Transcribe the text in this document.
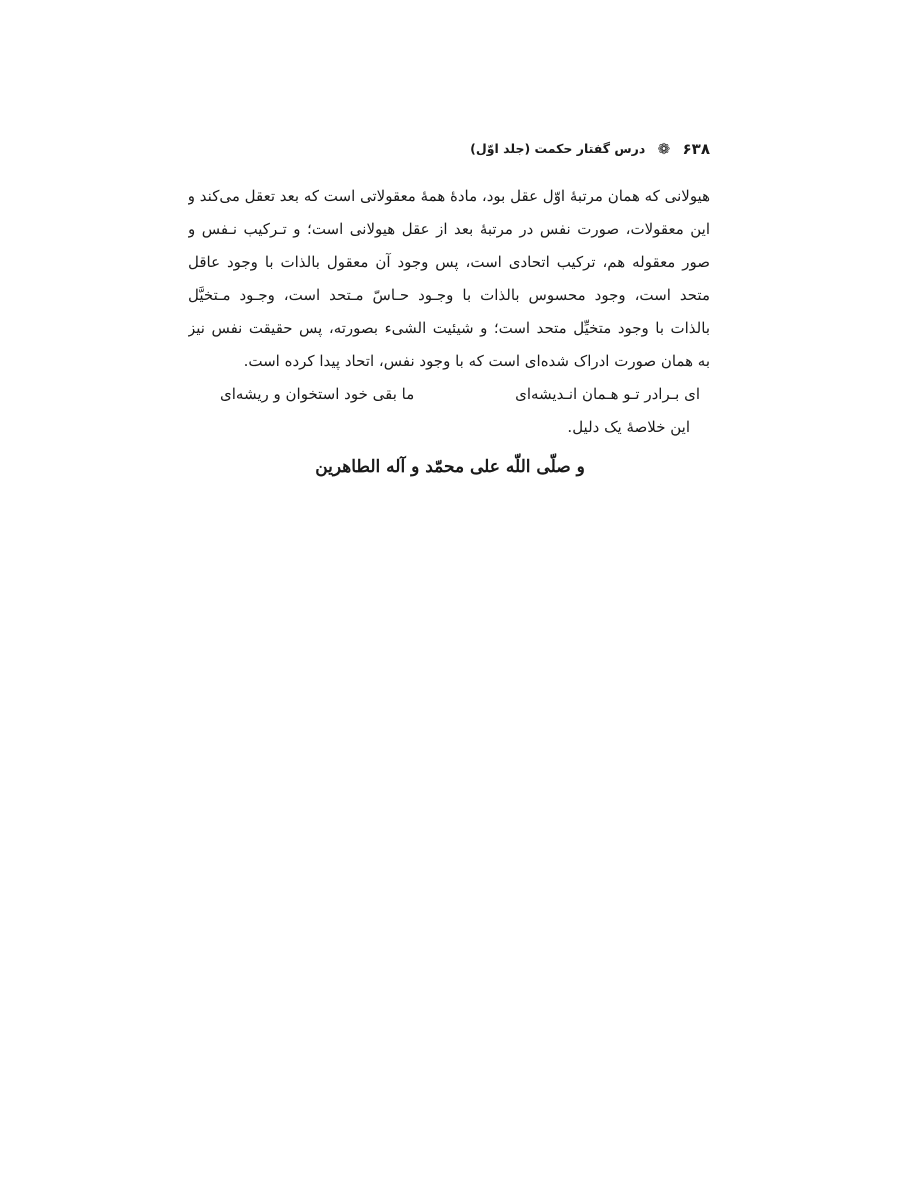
۶۳۸ ❁ درس گفتار حکمت (جلد اوّل)
هیولانی که همان مرتبۀ اوّل عقل بود، مادۀ همۀ معقولاتی است که بعد تعقل می‌کند و
این معقولات، صورت نفس در مرتبۀ بعد از عقل هیولانی است؛ و تـرکیب نـفس و
صور معقوله هم، ترکیب اتحادی است، پس وجود آن معقول بالذات با وجود عاقل
متحد است، وجود محسوس بالذات با وجـود حـاسّ مـتحد است، وجـود مـتخیَّل
بالذات با وجود متخیِّل متحد است؛ و شیئیت الشیء بصورته، پس حقیقت نفس نیز
به همان صورت ادراک شده‌ای است که با وجود نفس، اتحاد پیدا کرده است.
ای بـرادر تـو هـمان انـدیشه‌ای
ما بقی خود استخوان و ریشه‌ای
این خلاصۀ یک دلیل.
و صلّی اللّه علی محمّد و آله الطاهرین
